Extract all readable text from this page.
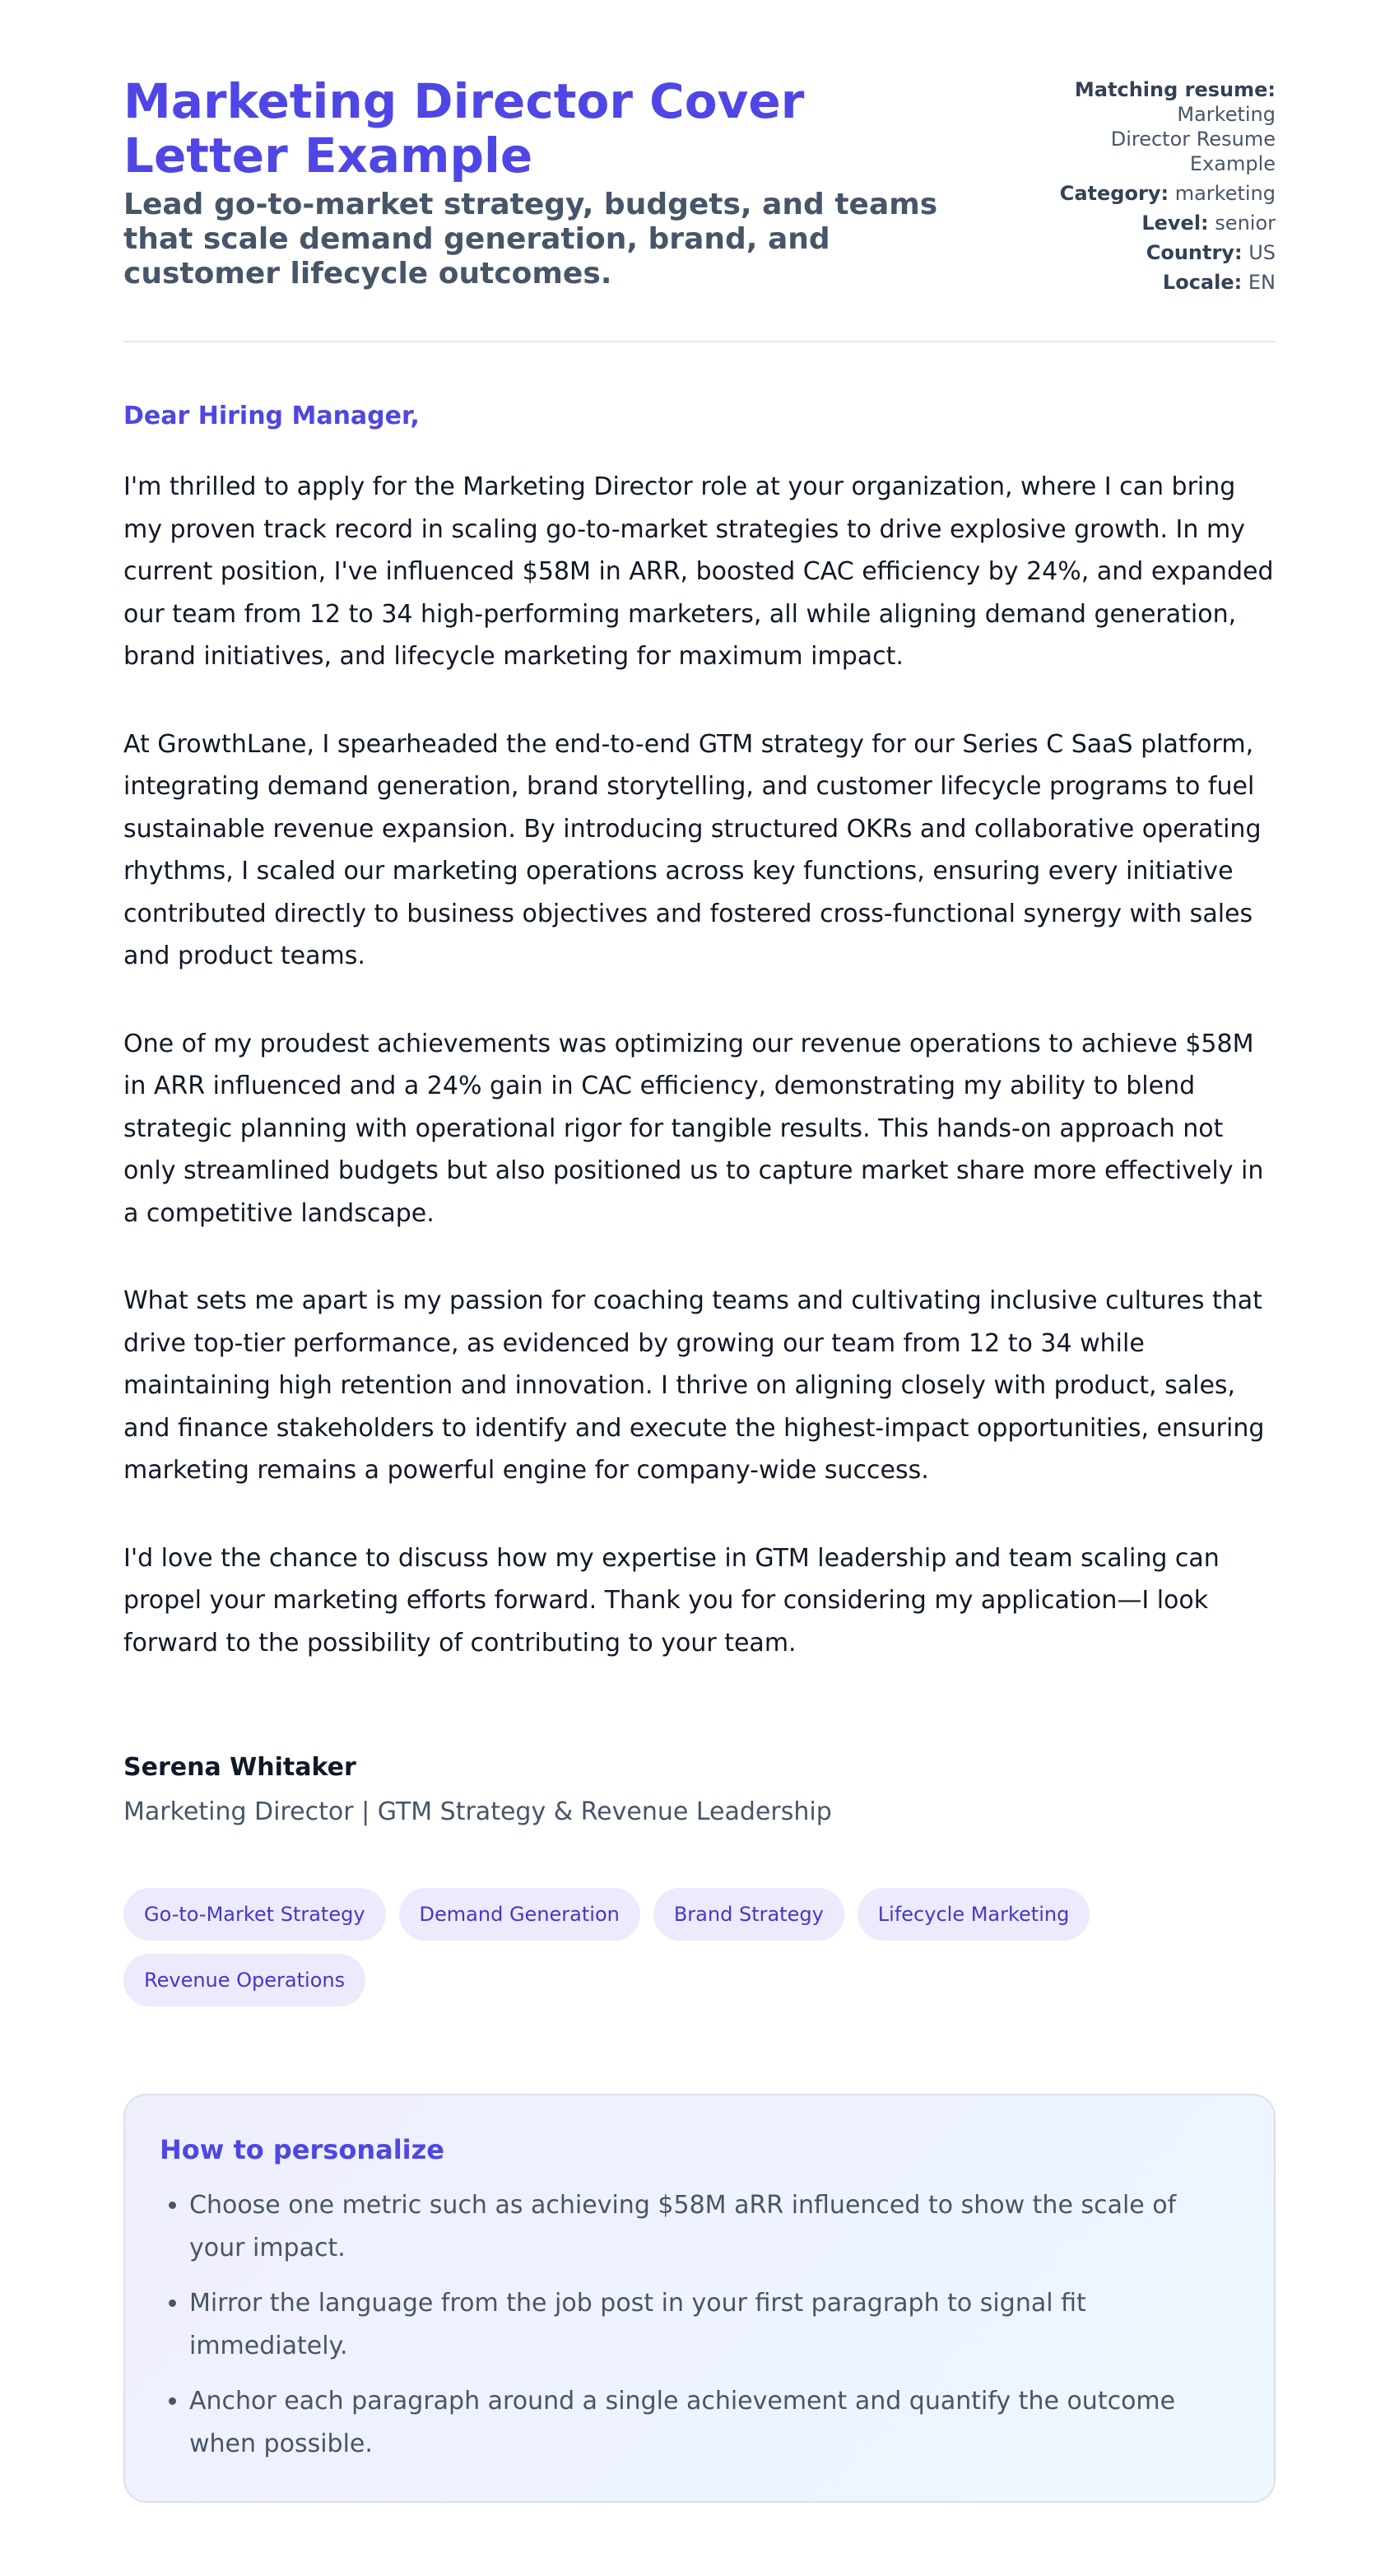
Marketing Director Cover Letter Example
Lead go-to-market strategy, budgets, and teams that scale demand generation, brand, and customer lifecycle outcomes.
Matching resume:
Marketing Director Resume Example
Category: marketing
Level: senior
Country: US
Locale: EN

Dear Hiring Manager,

I'm thrilled to apply for the Marketing Director role at your organization, where I can bring my proven track record in scaling go-to-market strategies to drive explosive growth. In my current position, I've influenced $58M in ARR, boosted CAC efficiency by 24%, and expanded our team from 12 to 34 high-performing marketers, all while aligning demand generation, brand initiatives, and lifecycle marketing for maximum impact.

At GrowthLane, I spearheaded the end-to-end GTM strategy for our Series C SaaS platform, integrating demand generation, brand storytelling, and customer lifecycle programs to fuel sustainable revenue expansion. By introducing structured OKRs and collaborative operating rhythms, I scaled our marketing operations across key functions, ensuring every initiative contributed directly to business objectives and fostered cross-functional synergy with sales and product teams.

One of my proudest achievements was optimizing our revenue operations to achieve $58M in ARR influenced and a 24% gain in CAC efficiency, demonstrating my ability to blend strategic planning with operational rigor for tangible results. This hands-on approach not only streamlined budgets but also positioned us to capture market share more effectively in a competitive landscape.

What sets me apart is my passion for coaching teams and cultivating inclusive cultures that drive top-tier performance, as evidenced by growing our team from 12 to 34 while maintaining high retention and innovation. I thrive on aligning closely with product, sales, and finance stakeholders to identify and execute the highest-impact opportunities, ensuring marketing remains a powerful engine for company-wide success.

I'd love the chance to discuss how my expertise in GTM leadership and team scaling can propel your marketing efforts forward. Thank you for considering my application—I look forward to the possibility of contributing to your team.

Serena Whitaker

Marketing Director | GTM Strategy & Revenue Leadership

Go-to-Market Strategy	Demand Generation	Brand Strategy	Lifecycle Marketing
Revenue Operations
How to personalize
• Choose one metric such as achieving $58M aRR influenced to show the scale of your impact.
• Mirror the language from the job post in your first paragraph to signal fit immediately.
• Anchor each paragraph around a single achievement and quantify the outcome when possible.
